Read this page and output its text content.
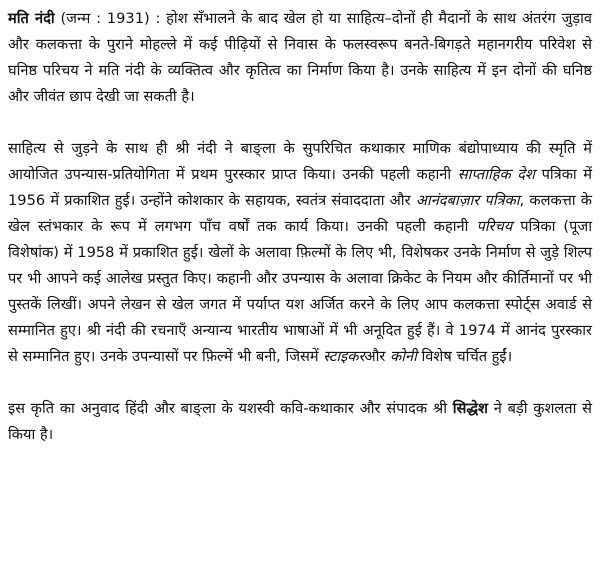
मति नंदी (जन्म : 1931) : होश सँभालने के बाद खेल हो या साहित्य–दोनों ही मैदानों के साथ अंतरंग जुड़ाव और कलकत्ता के पुराने मोहल्ले में कई पीढ़ियों से निवास के फलस्वरूप बनते-बिगड़ते महानगरीय परिवेश से घनिष्ठ परिचय ने मति नंदी के व्यक्तित्व और कृतित्व का निर्माण किया है। उनके साहित्य में इन दोनों की घनिष्ठ और जीवंत छाप देखी जा सकती है।

साहित्य से जुड़ने के साथ ही श्री नंदी ने बाङ्ला के सुपरिचित कथाकार माणिक बंद्योपाध्याय की स्मृति में आयोजित उपन्यास-प्रतियोगिता में प्रथम पुरस्कार प्राप्त किया। उनकी पहली कहानी साप्ताहिक देश पत्रिका में 1956 में प्रकाशित हुई। उन्होंने कोशकार के सहायक, स्वतंत्र संवाददाता और आनंदबाज़ार पत्रिका, कलकत्ता के खेल स्तंभकार के रूप में लगभग पाँच वर्षों तक कार्य किया। उनकी पहली कहानी परिचय पत्रिका (पूजा विशेषांक) में 1958 में प्रकाशित हुई। खेलों के अलावा फ़िल्मों के लिए भी, विशेषकर उनके निर्माण से जुड़े शिल्प पर भी आपने कई आलेख प्रस्तुत किए। कहानी और उपन्यास के अलावा क्रिकेट के नियम और कीर्तिमानों पर भी पुस्तकें लिखीं। अपने लेखन से खेल जगत में पर्याप्त यश अर्जित करने के लिए आप कलकत्ता स्पोर्ट्स अवार्ड से सम्मानित हुए। श्री नंदी की रचनाएँ अन्यान्य भारतीय भाषाओं में भी अनूदित हुई हैं। वे 1974 में आनंद पुरस्कार से सम्मानित हुए। उनके उपन्यासों पर फ़िल्में भी बनी, जिसमें स्टाइकरऔर कोनी विशेष चर्चित हुईं।

इस कृति का अनुवाद हिंदी और बाङ्ला के यशस्वी कवि-कथाकार और संपादक श्री सिद्धेश ने बड़ी कुशलता से किया है।
